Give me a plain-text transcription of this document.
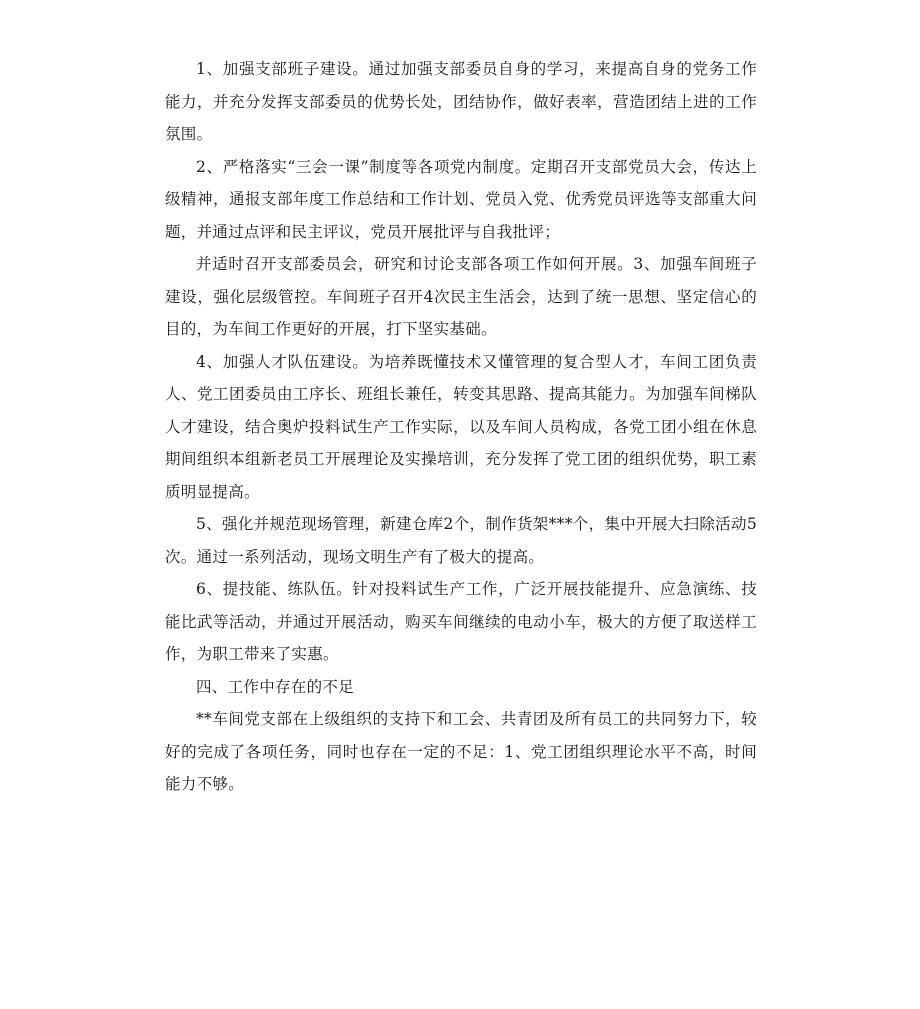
1、加强支部班子建设。通过加强支部委员自身的学习，来提高自身的党务工作能力，并充分发挥支部委员的优势长处，团结协作，做好表率，营造团结上进的工作氛围。

2、严格落实“三会一课”制度等各项党内制度。定期召开支部党员大会，传达上级精神，通报支部年度工作总结和工作计划、党员入党、优秀党员评选等支部重大问题，并通过点评和民主评议，党员开展批评与自我批评；

并适时召开支部委员会，研究和讨论支部各项工作如何开展。3、加强车间班子建设，强化层级管控。车间班子召开4次民主生活会，达到了统一思想、坚定信心的目的，为车间工作更好的开展，打下坚实基础。

4、加强人才队伍建设。为培养既懂技术又懂管理的复合型人才，车间工团负责人、党工团委员由工序长、班组长兼任，转变其思路、提高其能力。为加强车间梯队人才建设，结合奥炉投料试生产工作实际，以及车间人员构成，各党工团小组在休息期间组织本组新老员工开展理论及实操培训，充分发挥了党工团的组织优势，职工素质明显提高。

5、强化并规范现场管理，新建仓库2个，制作货架***个，集中开展大扫除活动5次。通过一系列活动，现场文明生产有了极大的提高。

6、提技能、练队伍。针对投料试生产工作，广泛开展技能提升、应急演练、技能比武等活动，并通过开展活动，购买车间继续的电动小车，极大的方便了取送样工作，为职工带来了实惠。

四、工作中存在的不足

**车间党支部在上级组织的支持下和工会、共青团及所有员工的共同努力下，较好的完成了各项任务，同时也存在一定的不足：1、党工团组织理论水平不高，时间能力不够。
